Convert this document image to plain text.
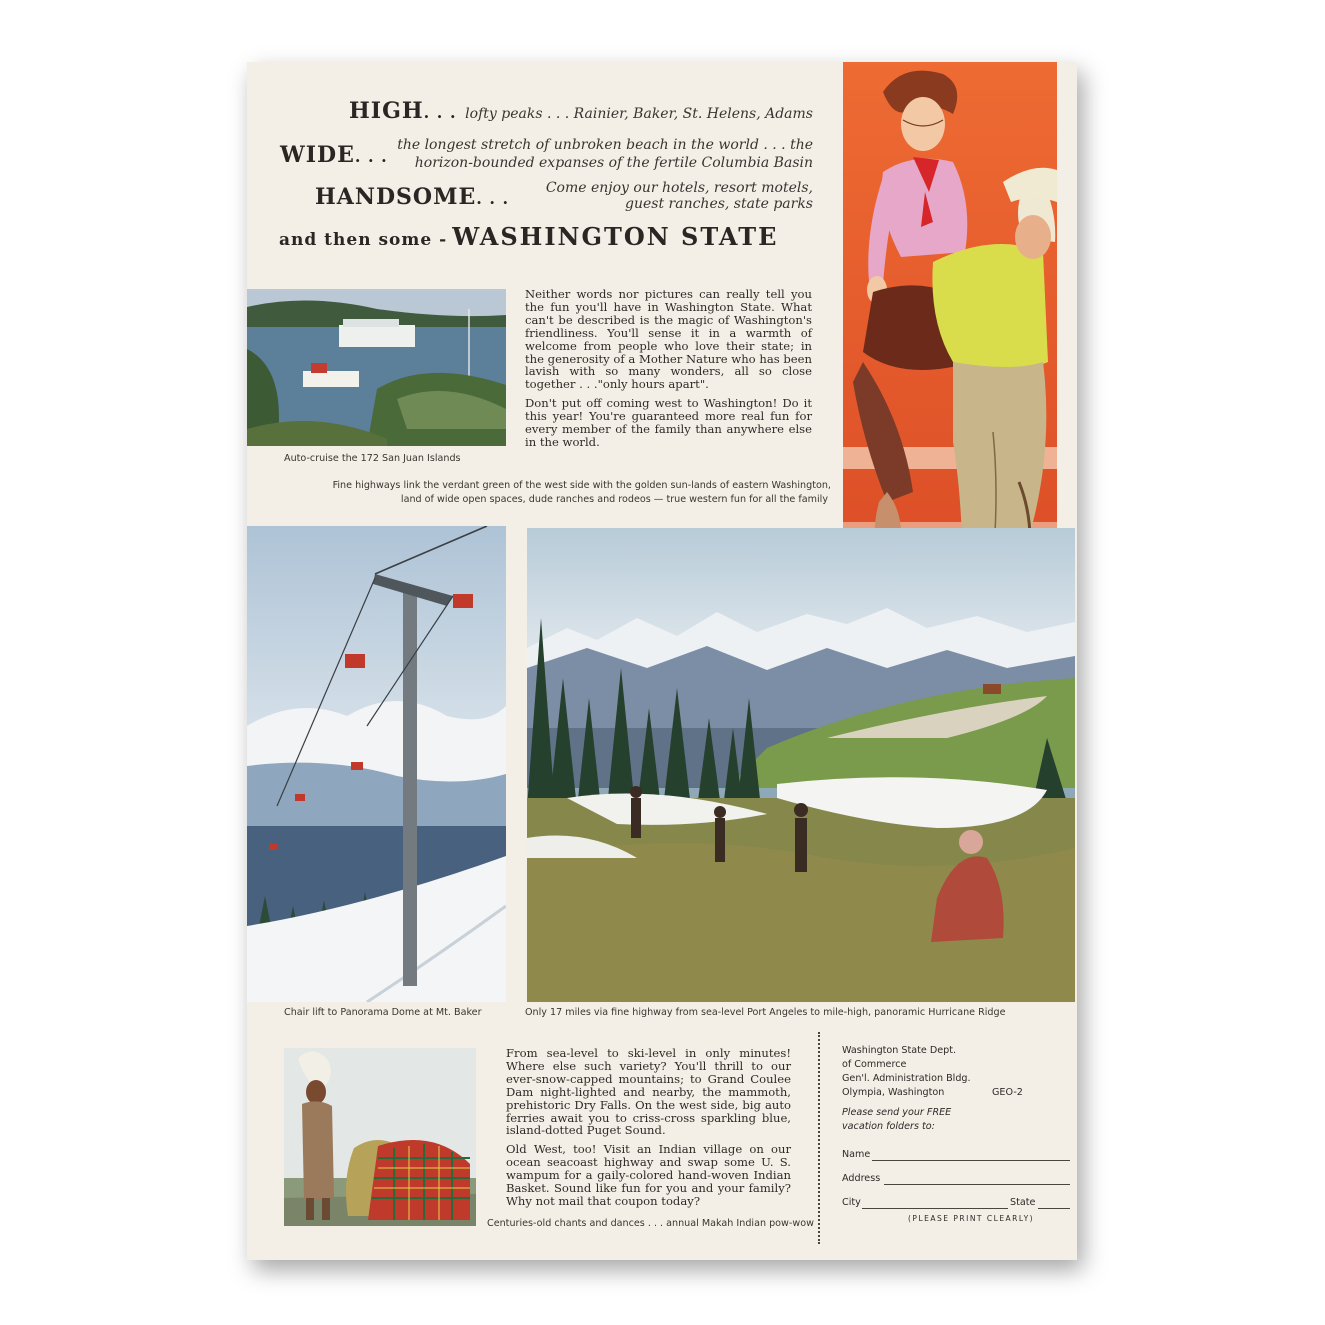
HIGH. . . lofty peaks . . . Rainier, Baker, St. Helens, Adams
WIDE. . .
the longest stretch of unbroken beach in the world . . . the
horizon-bounded expanses of the fertile Columbia Basin
HANDSOME. . .
Come enjoy our hotels, resort motels,
guest ranches, state parks
and then some - WASHINGTON STATE
Auto-cruise the 172 San Juan Islands

Neither words nor pictures can really tell you the fun you'll have in Washington State. What can't be described is the magic of Washington's friendliness. You'll sense it in a warmth of welcome from people who love their state; in the generosity of a Mother Nature who has been lavish with so many wonders, all so close together . . ."only hours apart".

Don't put off coming west to Washington! Do it this year! You're guaranteed more real fun for every member of the family than anywhere else in the world.

Fine highways link the verdant green of the west side with the golden sun-lands of eastern Washington,
land of wide open spaces, dude ranches and rodeos — true western fun for all the family
Chair lift to Panorama Dome at Mt. Baker	Only 17 miles via fine highway from sea-level Port Angeles to mile-high, panoramic Hurricane Ridge
Centuries-old chants and dances . . . annual Makah Indian pow-wow

From sea-level to ski-level in only minutes! Where else such variety? You'll thrill to our ever-snow-capped mountains; to Grand Coulee Dam night-lighted and nearby, the mammoth, prehistoric Dry Falls. On the west side, big auto ferries await you to criss-cross sparkling blue, island-dotted Puget Sound.

Old West, too! Visit an Indian village on our ocean seacoast highway and swap some U. S. wampum for a gaily-colored hand-woven Indian Basket. Sound like fun for you and your family? Why not mail that coupon today?

Washington State Dept.
of Commerce
Gen'l. Administration Bldg.
Olympia, Washington	GEO-2
Please send your FREE
vacation folders to:
Name
Address
City	State
(PLEASE PRINT CLEARLY)
